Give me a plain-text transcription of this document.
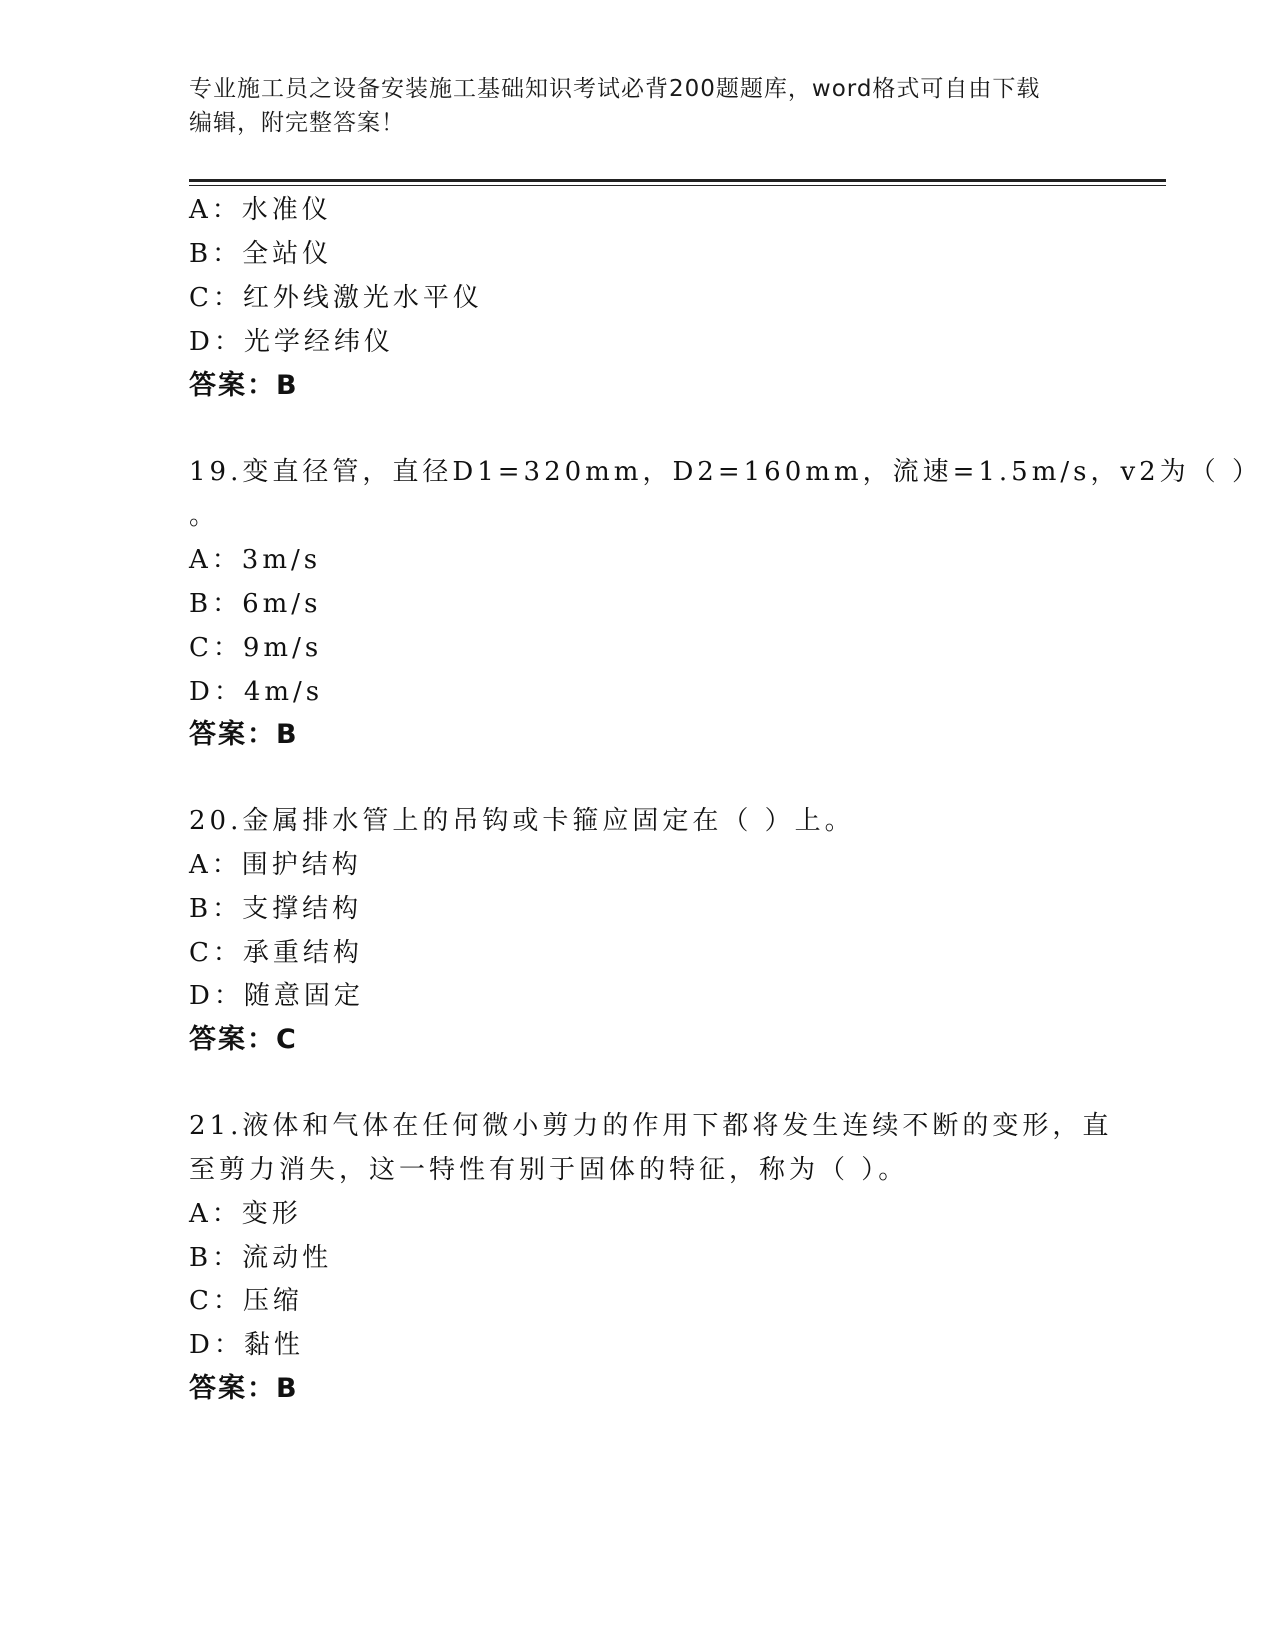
专业施工员之设备安装施工基础知识考试必背200题题库，word格式可自由下载
编辑，附完整答案！
A：水准仪
B：全站仪
C：红外线激光水平仪
D：光学经纬仪
答案：B
19.变直径管，直径D1=320mm，D2=160mm，流速=1.5m/s，v2为（ ）
。
A：3m/s
B：6m/s
C：9m/s
D：4m/s
答案：B
20.金属排水管上的吊钩或卡箍应固定在（ ）上。
A：围护结构
B：支撑结构
C：承重结构
D：随意固定
答案：C
21.液体和气体在任何微小剪力的作用下都将发生连续不断的变形，直
至剪力消失，这一特性有别于固体的特征，称为（ ）。
A：变形
B：流动性
C：压缩
D：黏性
答案：B
